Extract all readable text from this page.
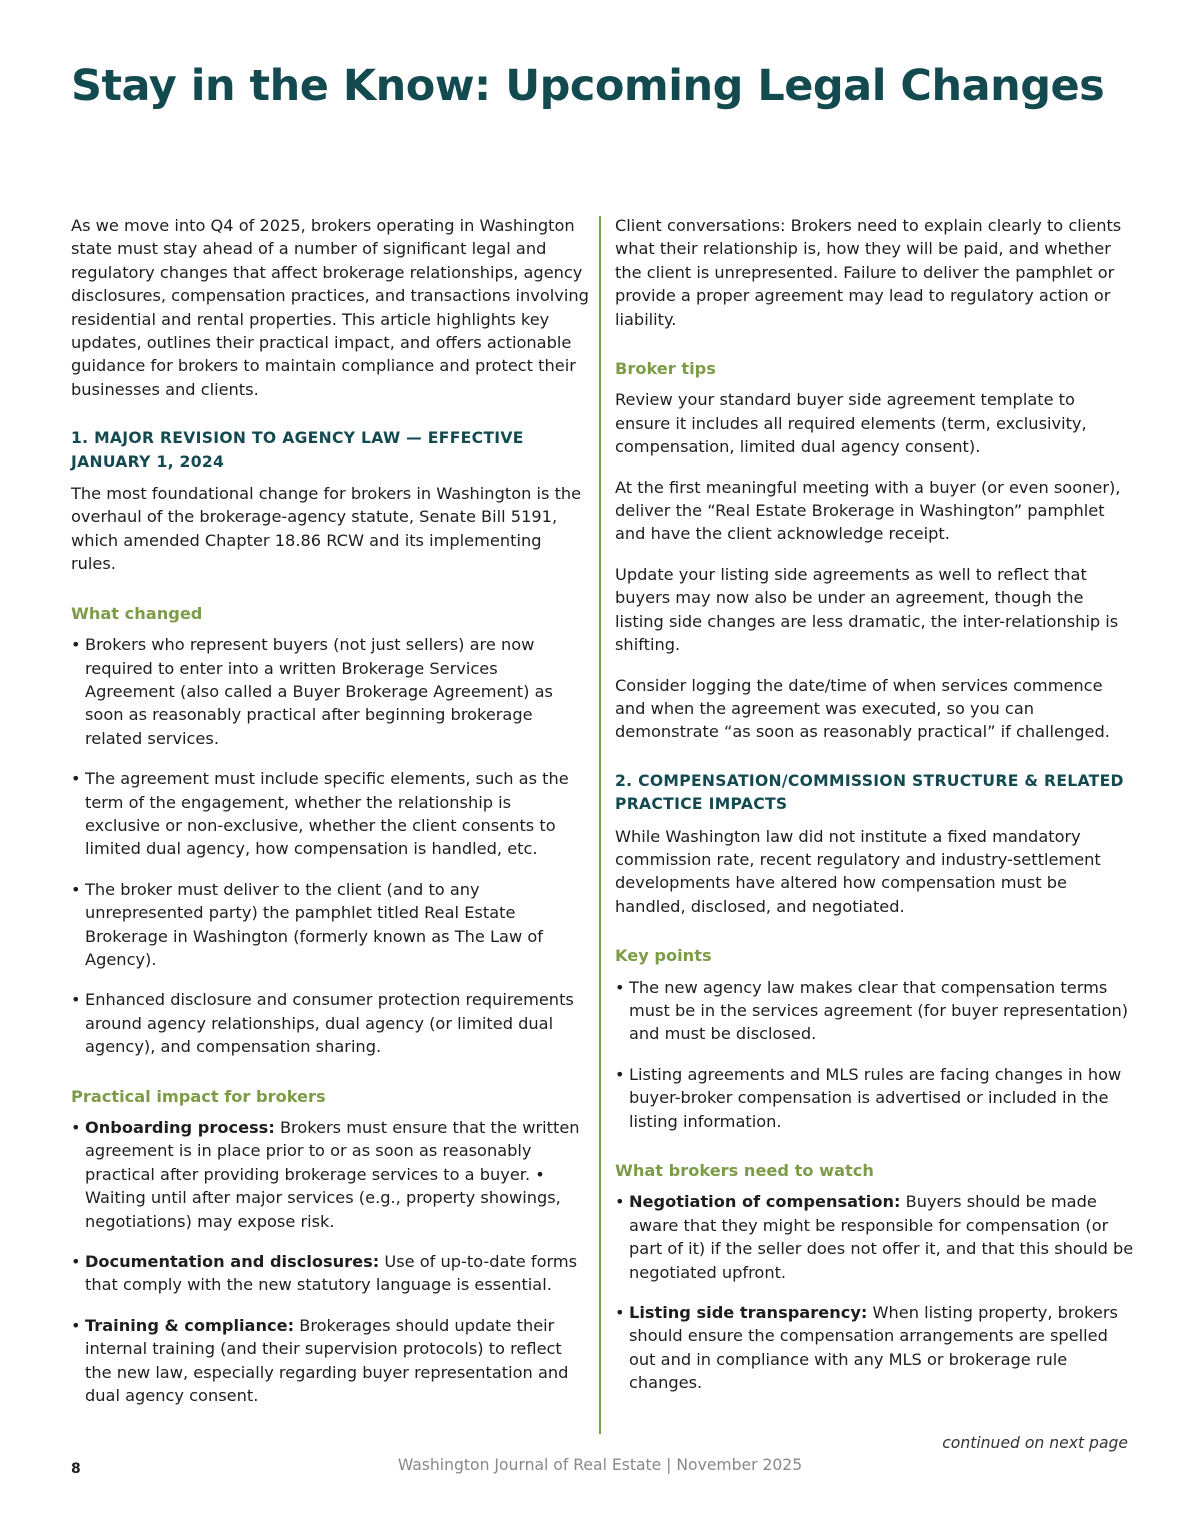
Stay in the Know: Upcoming Legal Changes

As we move into Q4 of 2025, brokers operating in Washington state must stay ahead of a number of significant legal and regulatory changes that affect brokerage relationships, agency disclosures, compensation practices, and transactions involving residential and rental properties. This article highlights key updates, outlines their practical impact, and offers actionable guidance for brokers to maintain compliance and protect their businesses and clients.

1. MAJOR REVISION TO AGENCY LAW — EFFECTIVE JANUARY 1, 2024

The most foundational change for brokers in Washington is the overhaul of the brokerage-agency statute, Senate Bill 5191, which amended Chapter 18.86 RCW and its implementing rules.

What changed
• Brokers who represent buyers (not just sellers) are now required to enter into a written Brokerage Services Agreement (also called a Buyer Brokerage Agreement) as soon as reasonably practical after beginning brokerage related services.
• The agreement must include specific elements, such as the term of the engagement, whether the relationship is exclusive or non-exclusive, whether the client consents to limited dual agency, how compensation is handled, etc.
• The broker must deliver to the client (and to any unrepresented party) the pamphlet titled Real Estate Brokerage in Washington (formerly known as The Law of Agency).
• Enhanced disclosure and consumer protection requirements around agency relationships, dual agency (or limited dual agency), and compensation sharing.
Practical impact for brokers
• Onboarding process: Brokers must ensure that the written agreement is in place prior to or as soon as reasonably practical after providing brokerage services to a buyer. • Waiting until after major services (e.g., property showings, negotiations) may expose risk.
• Documentation and disclosures: Use of up-to-date forms that comply with the new statutory language is essential.
• Training & compliance: Brokerages should update their internal training (and their supervision protocols) to reflect the new law, especially regarding buyer representation and dual agency consent.

Client conversations: Brokers need to explain clearly to clients what their relationship is, how they will be paid, and whether the client is unrepresented. Failure to deliver the pamphlet or provide a proper agreement may lead to regulatory action or liability.

Broker tips

Review your standard buyer side agreement template to ensure it includes all required elements (term, exclusivity, compensation, limited dual agency consent).

At the first meaningful meeting with a buyer (or even sooner), deliver the “Real Estate Brokerage in Washington” pamphlet and have the client acknowledge receipt.

Update your listing side agreements as well to reflect that buyers may now also be under an agreement, though the listing side changes are less dramatic, the inter-relationship is shifting.

Consider logging the date/time of when services commence and when the agreement was executed, so you can demonstrate “as soon as reasonably practical” if challenged.

2. COMPENSATION/COMMISSION STRUCTURE & RELATED PRACTICE IMPACTS

While Washington law did not institute a fixed mandatory commission rate, recent regulatory and industry-settlement developments have altered how compensation must be handled, disclosed, and negotiated.

Key points
• The new agency law makes clear that compensation terms must be in the services agreement (for buyer representation) and must be disclosed.
• Listing agreements and MLS rules are facing changes in how buyer-broker compensation is advertised or included in the listing information.
What brokers need to watch
• Negotiation of compensation: Buyers should be made aware that they might be responsible for compensation (or part of it) if the seller does not offer it, and that this should be negotiated upfront.
• Listing side transparency: When listing property, brokers should ensure the compensation arrangements are spelled out and in compliance with any MLS or brokerage rule changes.
continued on next page
8	Washington Journal of Real Estate | November 2025
